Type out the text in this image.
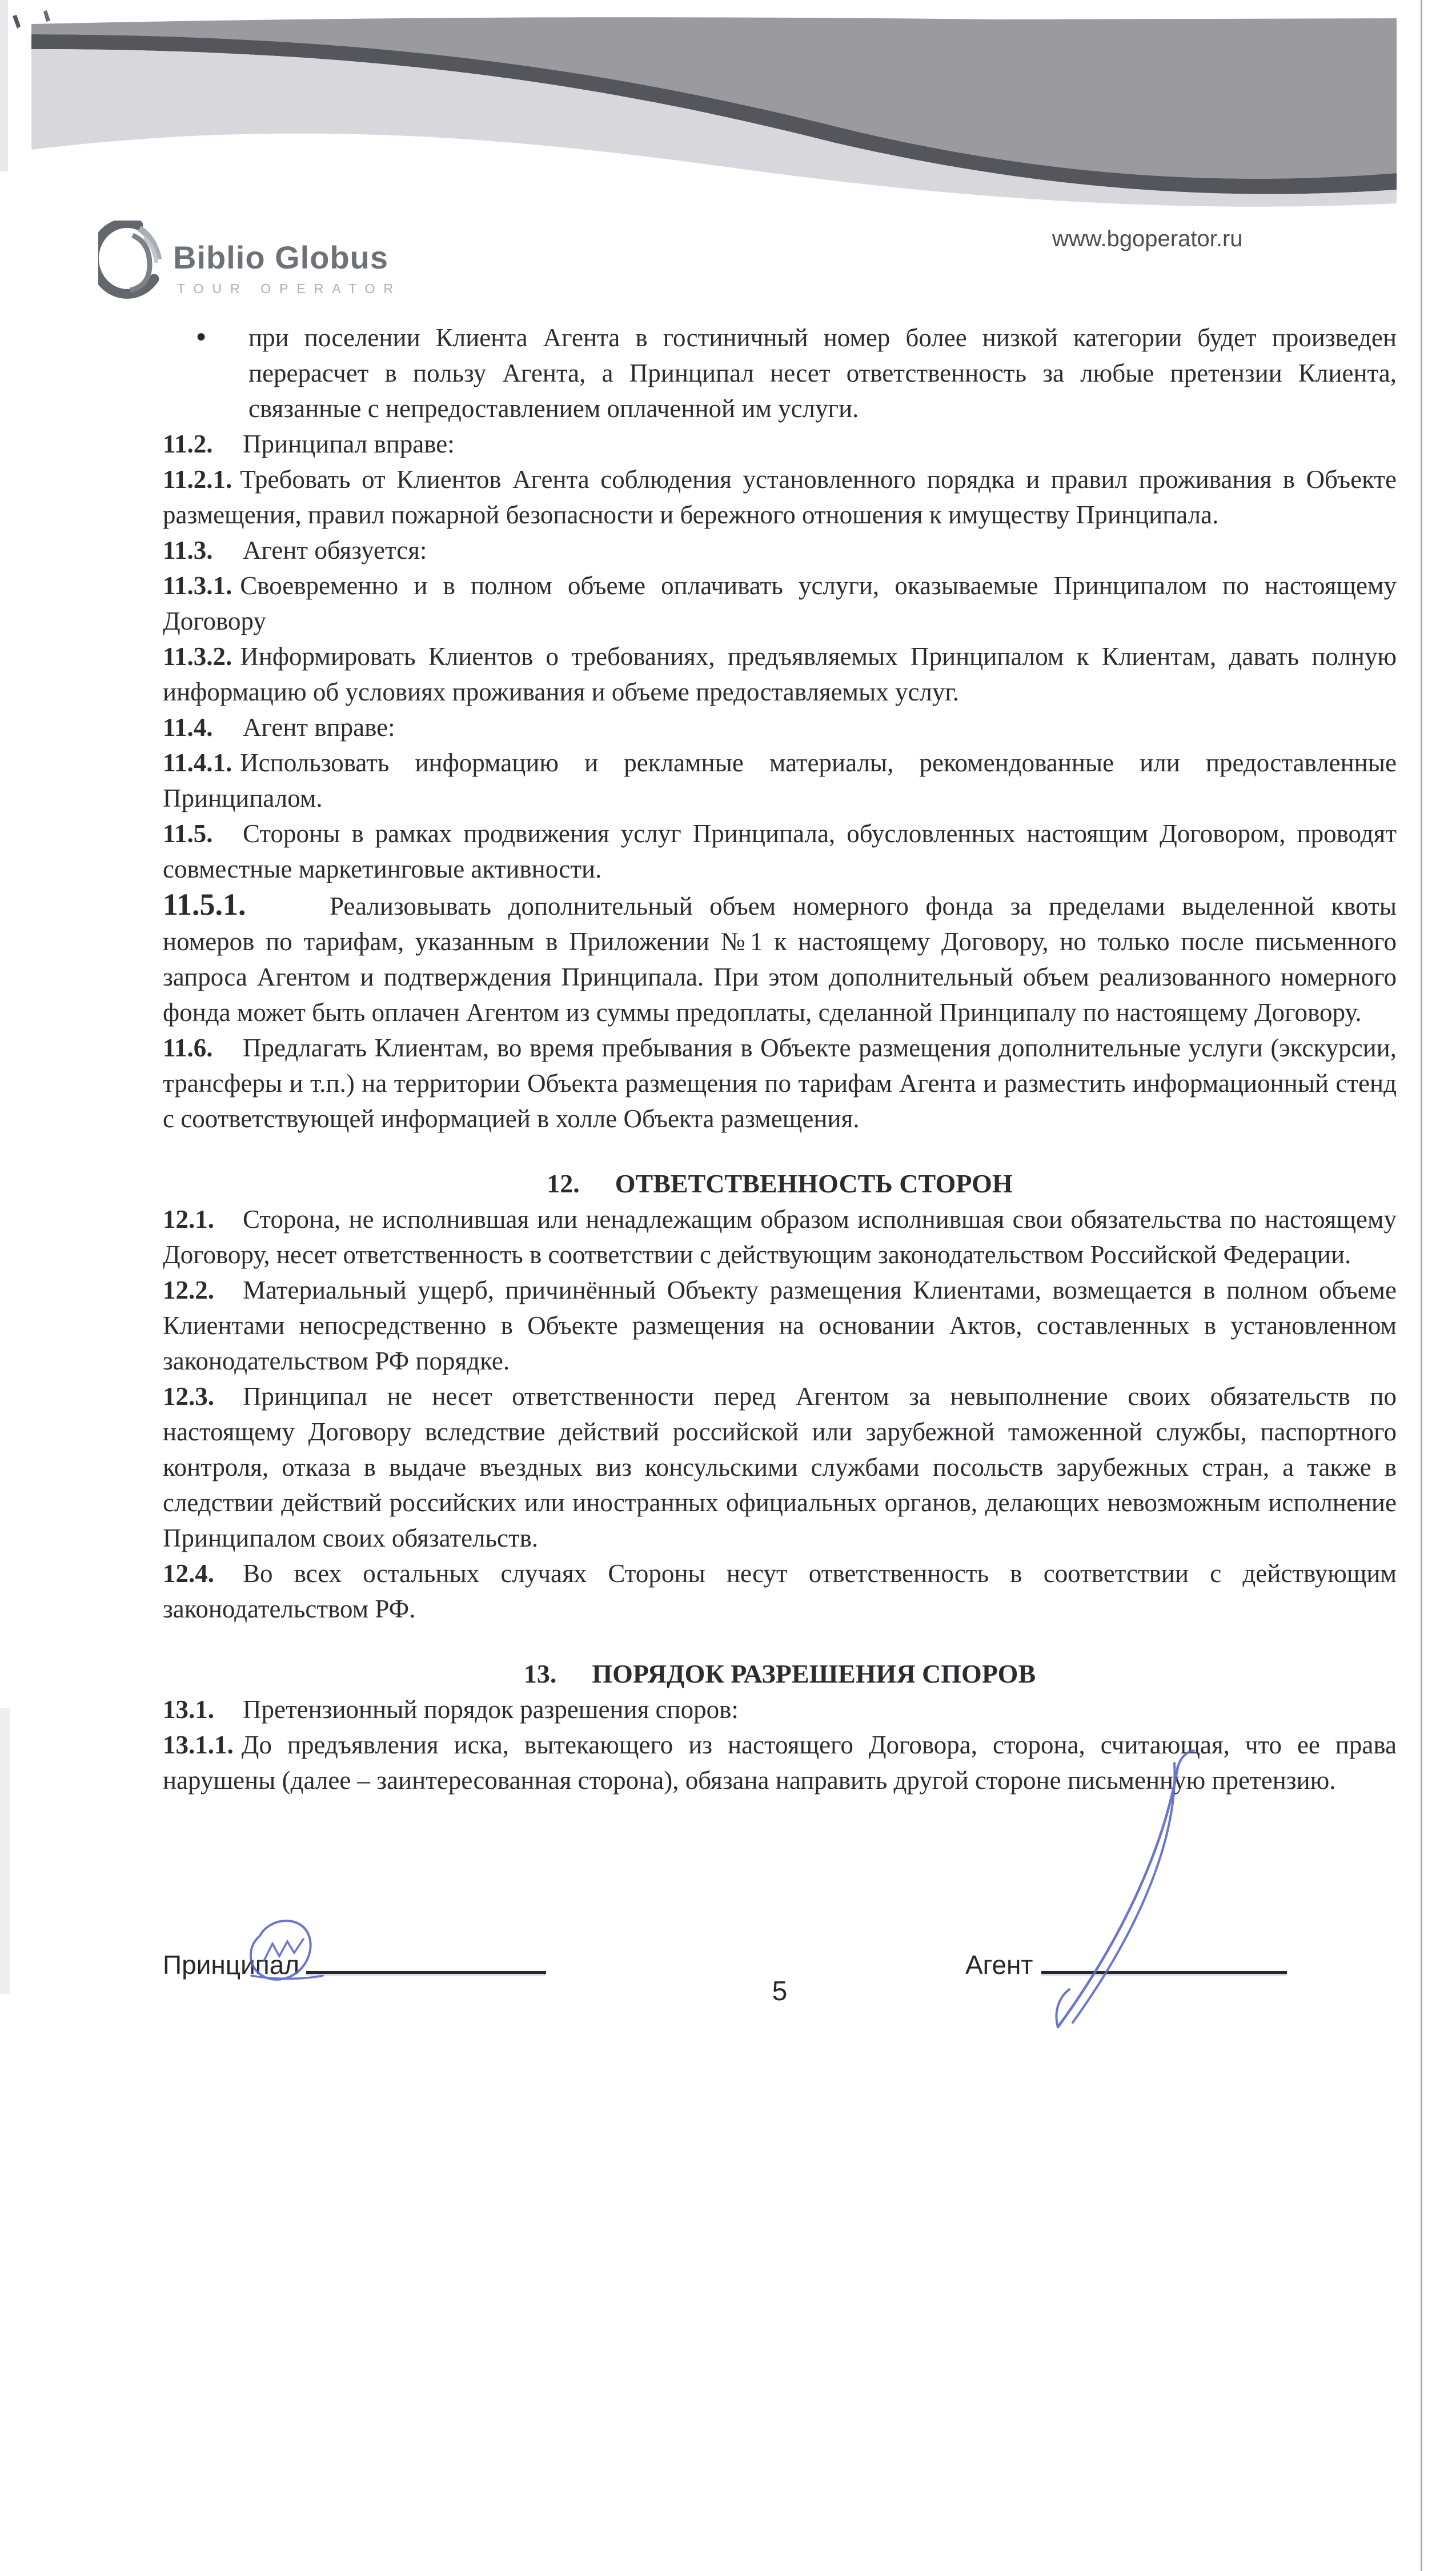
Biblio Globus
TOUR OPERATOR
www.bgoperator.ru

● при поселении Клиента Агента в гостиничный номер более низкой категории будет произведен перерасчет в пользу Агента, а Принципал несет ответственность за любые претензии Клиента, связанные с непредоставлением оплаченной им услуги.

11.2. Принципал вправе:

11.2.1. Требовать от Клиентов Агента соблюдения установленного порядка и правил проживания в Объекте размещения, правил пожарной безопасности и бережного отношения к имуществу Принципала.

11.3. Агент обязуется:

11.3.1. Своевременно и в полном объеме оплачивать услуги, оказываемые Принципалом по настоящему Договору

11.3.2. Информировать Клиентов о требованиях, предъявляемых Принципалом к Клиентам, давать полную информацию об условиях проживания и объеме предоставляемых услуг.

11.4. Агент вправе:

11.4.1. Использовать информацию и рекламные материалы, рекомендованные или предоставленные Принципалом.

11.5. Стороны в рамках продвижения услуг Принципала, обусловленных настоящим Договором, проводят совместные маркетинговые активности.

11.5.1.	Реализовывать дополнительный объем номерного фонда за пределами выделенной квоты номеров по тарифам, указанным в Приложении №1 к настоящему Договору, но только после письменного запроса Агентом и подтверждения Принципала. При этом дополнительный объем реализованного номерного фонда может быть оплачен Агентом из суммы предоплаты, сделанной Принципалу по настоящему Договору.

11.6. Предлагать Клиентам, во время пребывания в Объекте размещения дополнительные услуги (экскурсии, трансферы и т.п.) на территории Объекта размещения по тарифам Агента и разместить информационный стенд с соответствующей информацией в холле Объекта размещения.

12. ОТВЕТСТВЕННОСТЬ СТОРОН

12.1. Сторона, не исполнившая или ненадлежащим образом исполнившая свои обязательства по настоящему Договору, несет ответственность в соответствии с действующим законодательством Российской Федерации.

12.2. Материальный ущерб, причинённый Объекту размещения Клиентами, возмещается в полном объеме Клиентами непосредственно в Объекте размещения на основании Актов, составленных в установленном законодательством РФ порядке.

12.3. Принципал не несет ответственности перед Агентом за невыполнение своих обязательств по настоящему Договору вследствие действий российской или зарубежной таможенной службы, паспортного контроля, отказа в выдаче въездных виз консульскими службами посольств зарубежных стран, а также в следствии действий российских или иностранных официальных органов, делающих невозможным исполнение Принципалом своих обязательств.

12.4. Во всех остальных случаях Стороны несут ответственность в соответствии с действующим законодательством РФ.

13. ПОРЯДОК РАЗРЕШЕНИЯ СПОРОВ

13.1. Претензионный порядок разрешения споров:

13.1.1. До предъявления иска, вытекающего из настоящего Договора, сторона, считающая, что ее права нарушены (далее – заинтересованная сторона), обязана направить другой стороне письменную претензию.

Принципал	Агент
5
